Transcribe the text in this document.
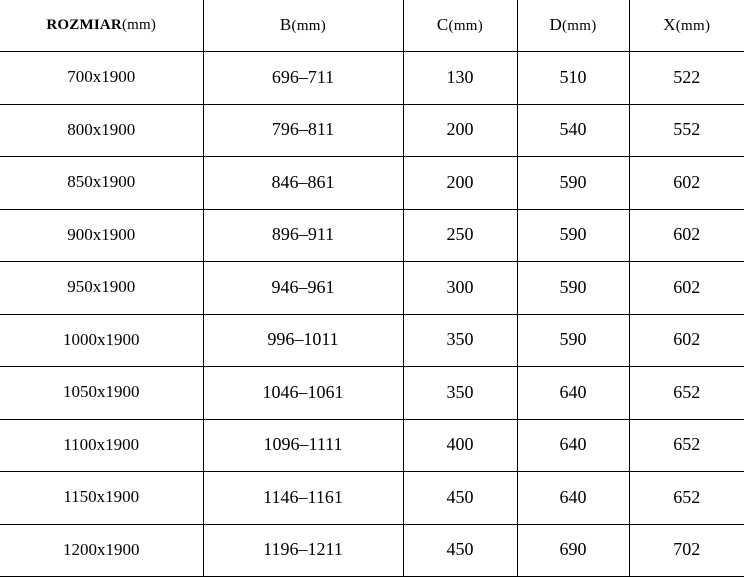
ROZMIAR(mm)	B(mm)	C(mm)	D(mm)	X(mm)
700x1900	696–711	130	510	522
800x1900	796–811	200	540	552
850x1900	846–861	200	590	602
900x1900	896–911	250	590	602
950x1900	946–961	300	590	602
1000x1900	996–1011	350	590	602
1050x1900	1046–1061	350	640	652
1100x1900	1096–1111	400	640	652
1150x1900	1146–1161	450	640	652
1200x1900	1196–1211	450	690	702
